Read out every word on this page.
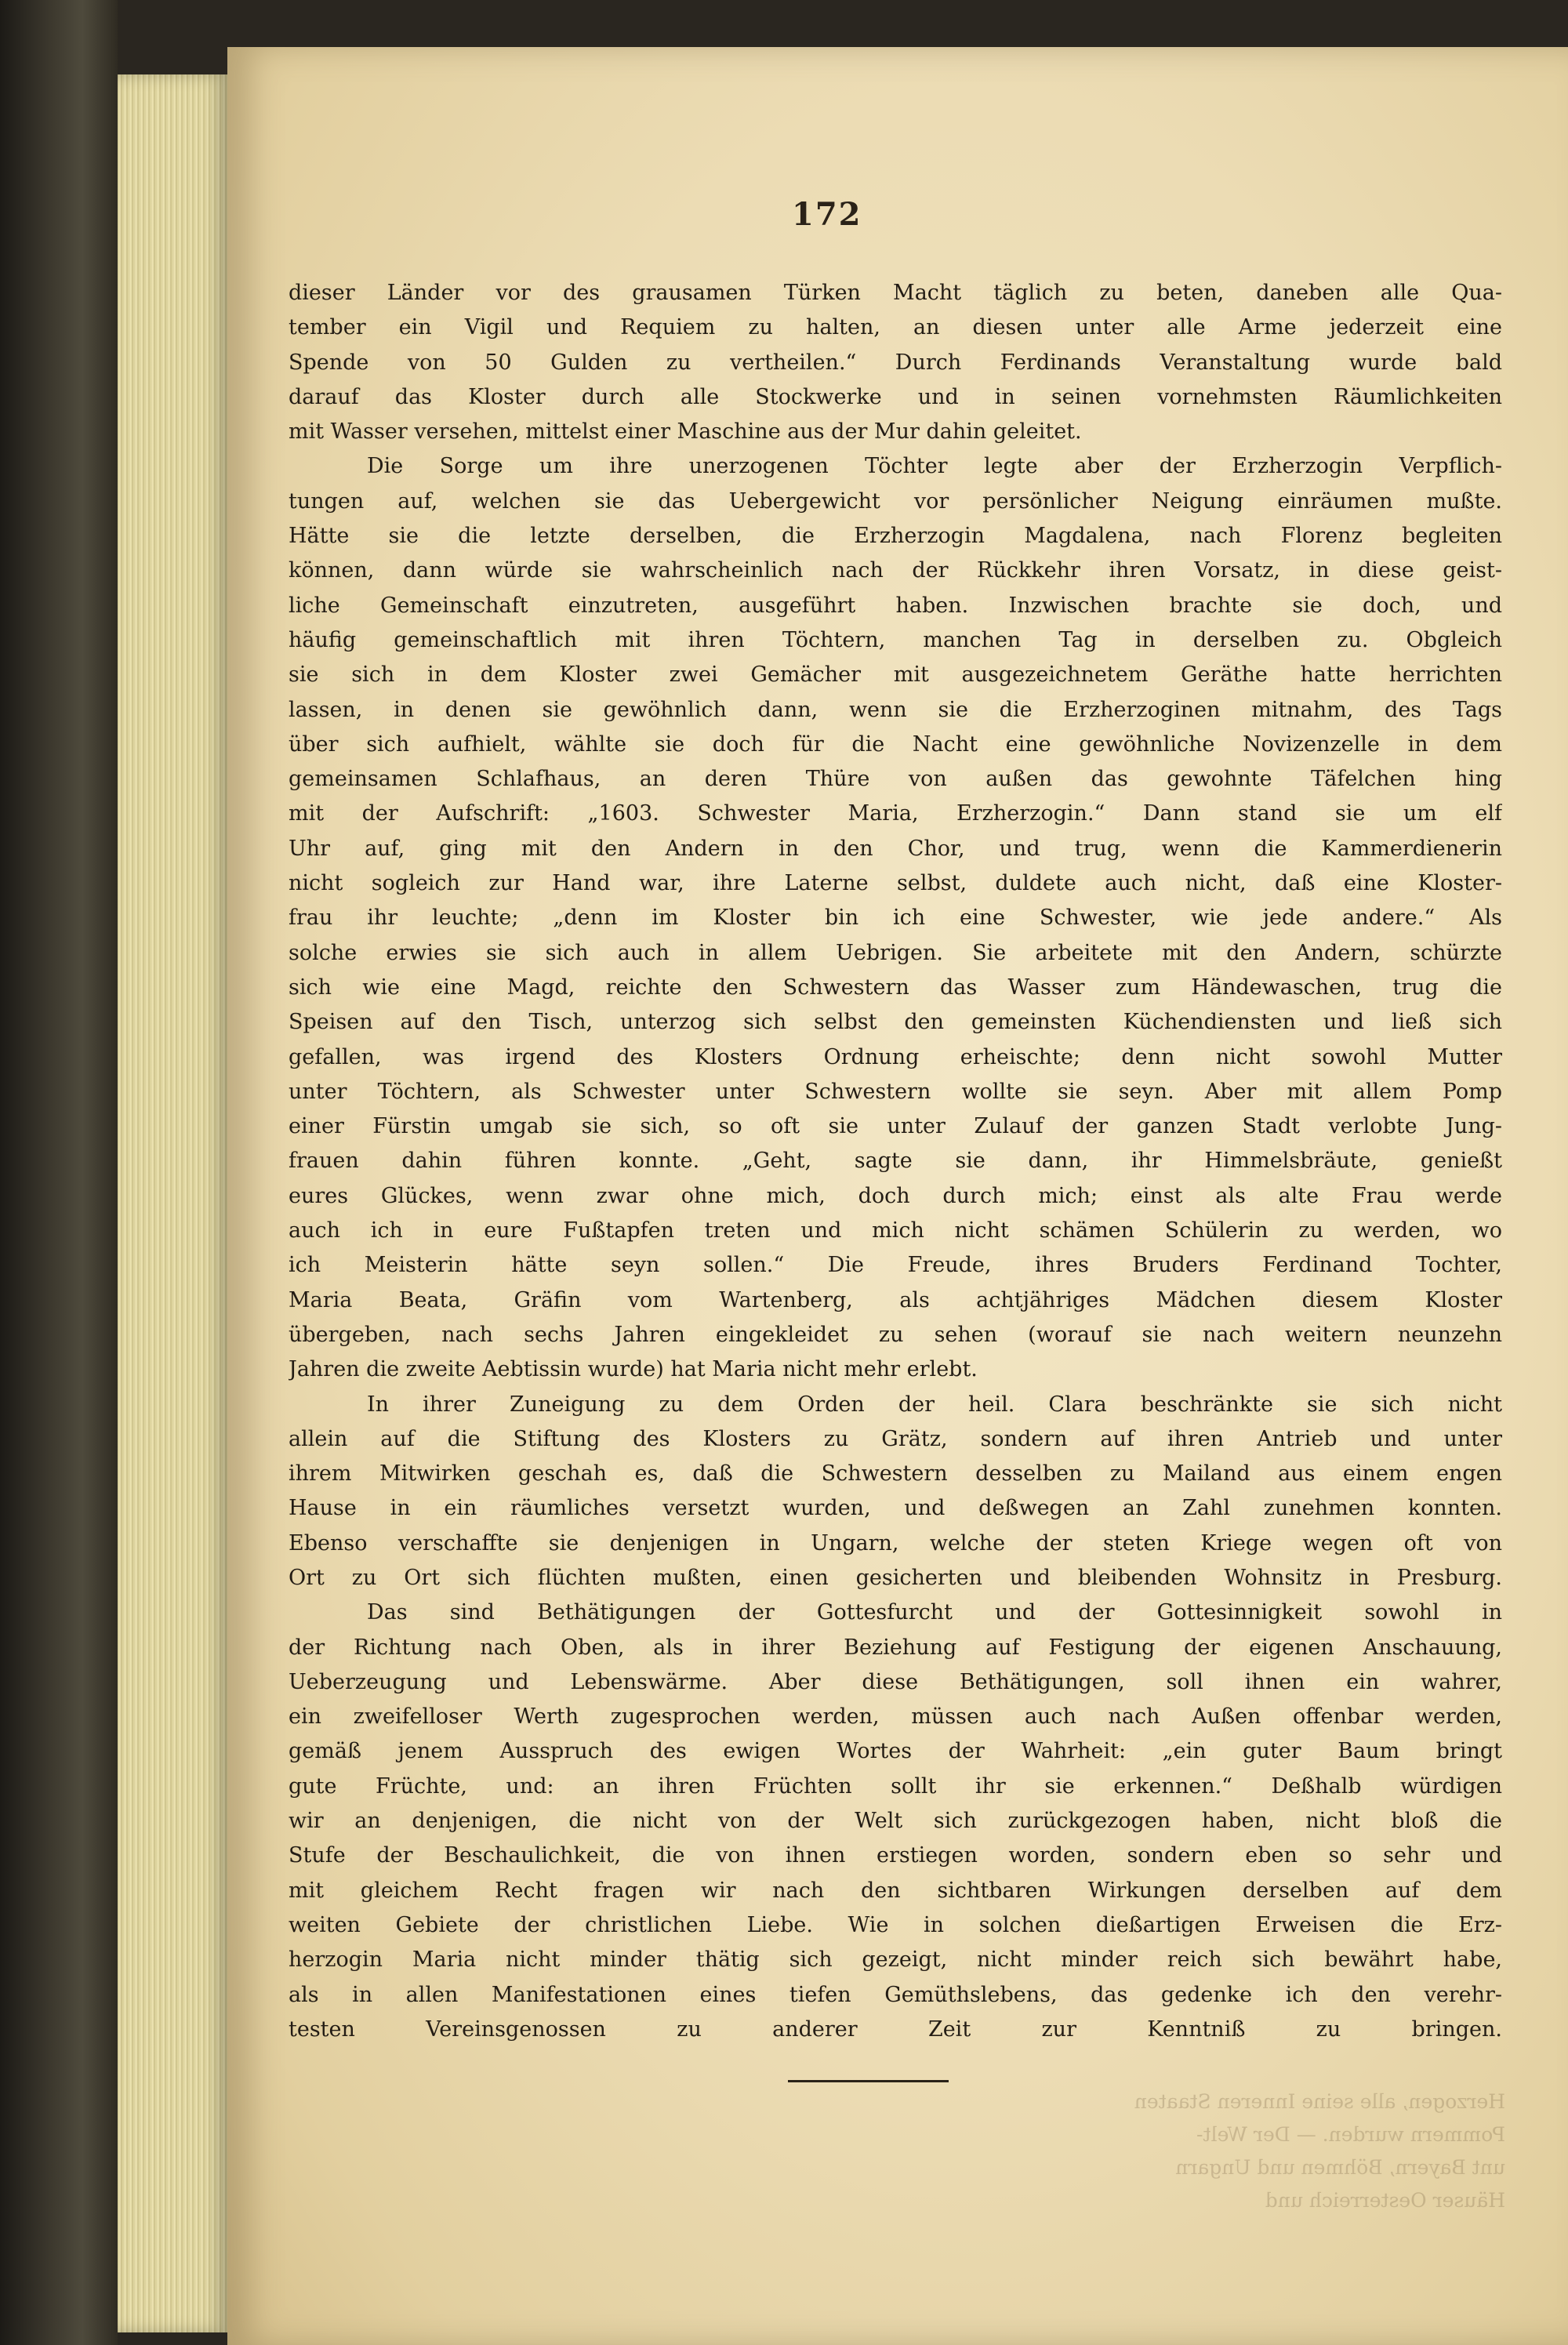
172

dieser Länder vor des grausamen Türken Macht täglich zu beten, daneben alle Qua-

tember ein Vigil und Requiem zu halten, an diesen unter alle Arme jederzeit eine

Spende von 50 Gulden zu vertheilen.“ Durch Ferdinands Veranstaltung wurde bald

darauf das Kloster durch alle Stockwerke und in seinen vornehmsten Räumlichkeiten

mit Wasser versehen, mittelst einer Maschine aus der Mur dahin geleitet.

Die Sorge um ihre unerzogenen Töchter legte aber der Erzherzogin Verpflich-

tungen auf, welchen sie das Uebergewicht vor persönlicher Neigung einräumen mußte.

Hätte sie die letzte derselben, die Erzherzogin Magdalena, nach Florenz begleiten

können, dann würde sie wahrscheinlich nach der Rückkehr ihren Vorsatz, in diese geist-

liche Gemeinschaft einzutreten, ausgeführt haben. Inzwischen brachte sie doch, und

häufig gemeinschaftlich mit ihren Töchtern, manchen Tag in derselben zu. Obgleich

sie sich in dem Kloster zwei Gemächer mit ausgezeichnetem Geräthe hatte herrichten

lassen, in denen sie gewöhnlich dann, wenn sie die Erzherzoginen mitnahm, des Tags

über sich aufhielt, wählte sie doch für die Nacht eine gewöhnliche Novizenzelle in dem

gemeinsamen Schlafhaus, an deren Thüre von außen das gewohnte Täfelchen hing

mit der Aufschrift: „1603. Schwester Maria, Erzherzogin.“ Dann stand sie um elf

Uhr auf, ging mit den Andern in den Chor, und trug, wenn die Kammerdienerin

nicht sogleich zur Hand war, ihre Laterne selbst, duldete auch nicht, daß eine Kloster-

frau ihr leuchte; „denn im Kloster bin ich eine Schwester, wie jede andere.“ Als

solche erwies sie sich auch in allem Uebrigen. Sie arbeitete mit den Andern, schürzte

sich wie eine Magd, reichte den Schwestern das Wasser zum Händewaschen, trug die

Speisen auf den Tisch, unterzog sich selbst den gemeinsten Küchendiensten und ließ sich

gefallen, was irgend des Klosters Ordnung erheischte; denn nicht sowohl Mutter

unter Töchtern, als Schwester unter Schwestern wollte sie seyn. Aber mit allem Pomp

einer Fürstin umgab sie sich, so oft sie unter Zulauf der ganzen Stadt verlobte Jung-

frauen dahin führen konnte. „Geht, sagte sie dann, ihr Himmelsbräute, genießt

eures Glückes, wenn zwar ohne mich, doch durch mich; einst als alte Frau werde

auch ich in eure Fußtapfen treten und mich nicht schämen Schülerin zu werden, wo

ich Meisterin hätte seyn sollen.“ Die Freude, ihres Bruders Ferdinand Tochter,

Maria Beata, Gräfin vom Wartenberg, als achtjähriges Mädchen diesem Kloster

übergeben, nach sechs Jahren eingekleidet zu sehen (worauf sie nach weitern neunzehn

Jahren die zweite Aebtissin wurde) hat Maria nicht mehr erlebt.

In ihrer Zuneigung zu dem Orden der heil. Clara beschränkte sie sich nicht

allein auf die Stiftung des Klosters zu Grätz, sondern auf ihren Antrieb und unter

ihrem Mitwirken geschah es, daß die Schwestern desselben zu Mailand aus einem engen

Hause in ein räumliches versetzt wurden, und deßwegen an Zahl zunehmen konnten.

Ebenso verschaffte sie denjenigen in Ungarn, welche der steten Kriege wegen oft von

Ort zu Ort sich flüchten mußten, einen gesicherten und bleibenden Wohnsitz in Presburg.

Das sind Bethätigungen der Gottesfurcht und der Gottesinnigkeit sowohl in

der Richtung nach Oben, als in ihrer Beziehung auf Festigung der eigenen Anschauung,

Ueberzeugung und Lebenswärme. Aber diese Bethätigungen, soll ihnen ein wahrer,

ein zweifelloser Werth zugesprochen werden, müssen auch nach Außen offenbar werden,

gemäß jenem Ausspruch des ewigen Wortes der Wahrheit: „ein guter Baum bringt

gute Früchte, und: an ihren Früchten sollt ihr sie erkennen.“ Deßhalb würdigen

wir an denjenigen, die nicht von der Welt sich zurückgezogen haben, nicht bloß die

Stufe der Beschaulichkeit, die von ihnen erstiegen worden, sondern eben so sehr und

mit gleichem Recht fragen wir nach den sichtbaren Wirkungen derselben auf dem

weiten Gebiete der christlichen Liebe. Wie in solchen dießartigen Erweisen die Erz-

herzogin Maria nicht minder thätig sich gezeigt, nicht minder reich sich bewährt habe,

als in allen Manifestationen eines tiefen Gemüthslebens, das gedenke ich den verehr-

testen Vereinsgenossen zu anderer Zeit zur Kenntniß zu bringen.

Herzogen, alle seine Inneren Staaten
Pommern wurden. — Der Welt-
unt Bayern, Böhmen und Ungarn
Häuser Oesterreich und
